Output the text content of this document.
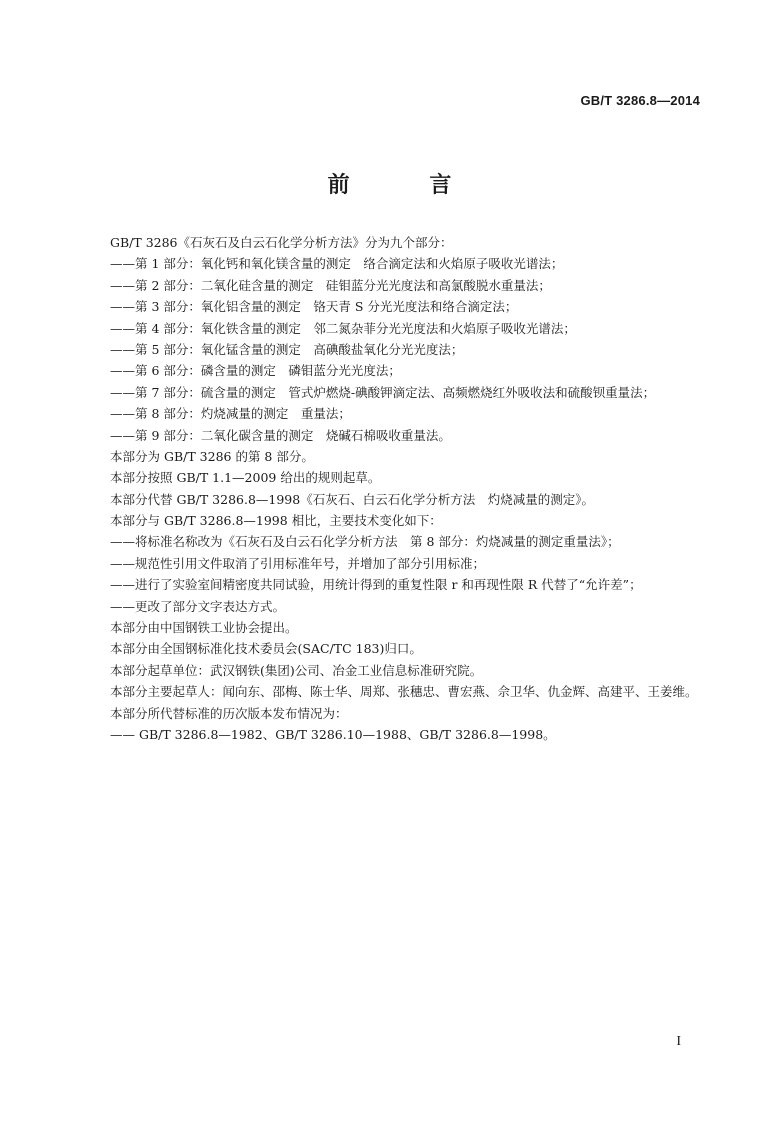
GB/T 3286.8—2014
前 言
GB/T 3286《石灰石及白云石化学分析方法》分为九个部分：
——第 1 部分：氧化钙和氧化镁含量的测定　络合滴定法和火焰原子吸收光谱法；
——第 2 部分：二氧化硅含量的测定　硅钼蓝分光光度法和高氯酸脱水重量法；
——第 3 部分：氧化铝含量的测定　铬天青 S 分光光度法和络合滴定法；
——第 4 部分：氧化铁含量的测定　邻二氮杂菲分光光度法和火焰原子吸收光谱法；
——第 5 部分：氧化锰含量的测定　高碘酸盐氧化分光光度法；
——第 6 部分：磷含量的测定　磷钼蓝分光光度法；
——第 7 部分：硫含量的测定　管式炉燃烧-碘酸钾滴定法、高频燃烧红外吸收法和硫酸钡重量法；
——第 8 部分：灼烧减量的测定　重量法；
——第 9 部分：二氧化碳含量的测定　烧碱石棉吸收重量法。
本部分为 GB/T 3286 的第 8 部分。
本部分按照 GB/T 1.1—2009 给出的规则起草。
本部分代替 GB/T 3286.8—1998《石灰石、白云石化学分析方法　灼烧减量的测定》。
本部分与 GB/T 3286.8—1998 相比，主要技术变化如下：
——将标准名称改为《石灰石及白云石化学分析方法　第 8 部分：灼烧减量的测定重量法》；
——规范性引用文件取消了引用标准年号，并增加了部分引用标准；
——进行了实验室间精密度共同试验，用统计得到的重复性限 r 和再现性限 R 代替了“允许差”；
——更改了部分文字表达方式。
本部分由中国钢铁工业协会提出。
本部分由全国钢标准化技术委员会(SAC/TC 183)归口。
本部分起草单位：武汉钢铁(集团)公司、冶金工业信息标准研究院。
本部分主要起草人：闻向东、邵梅、陈士华、周郑、张穗忠、曹宏燕、佘卫华、仇金辉、高建平、王姜维。
本部分所代替标准的历次版本发布情况为：
—— GB/T 3286.8—1982、GB/T 3286.10—1988、GB/T 3286.8—1998。
I
